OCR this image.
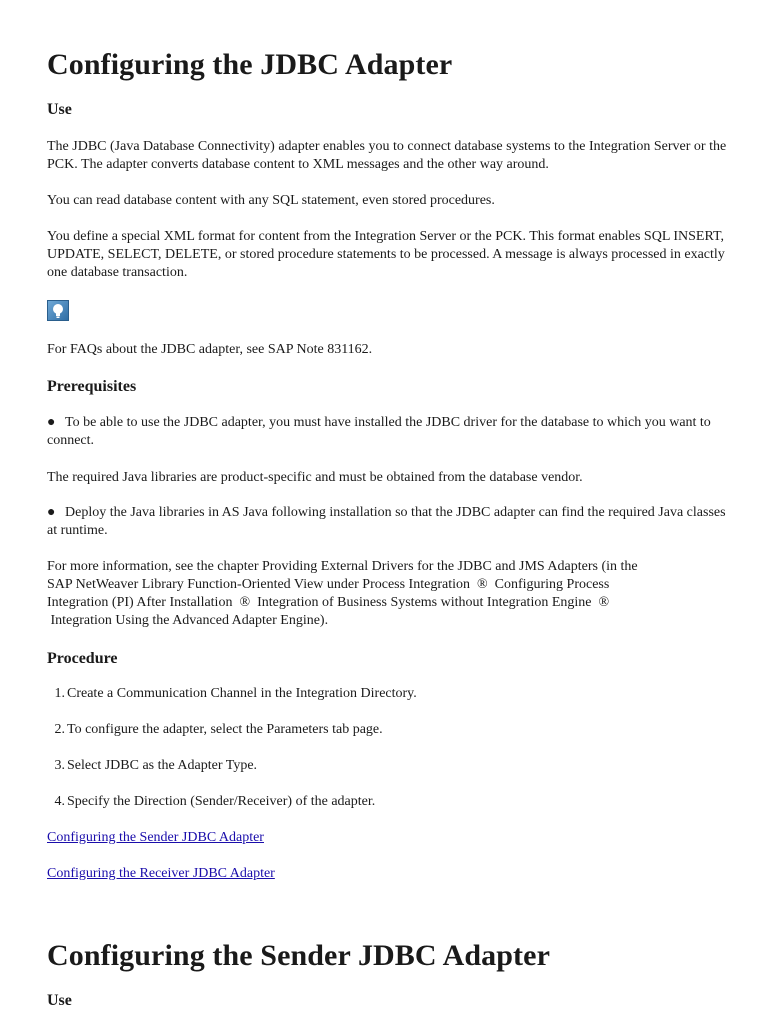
Configuring the JDBC Adapter
Use

The JDBC (Java Database Connectivity) adapter enables you to connect database systems to the Integration Server or the PCK. The adapter converts database content to XML messages and the other way around.

You can read database content with any SQL statement, even stored procedures.

You define a special XML format for content from the Integration Server or the PCK. This format enables SQL INSERT, UPDATE, SELECT, DELETE, or stored procedure statements to be processed. A message is always processed in exactly one database transaction.

For FAQs about the JDBC adapter, see SAP Note 831162.

Prerequisites

● To be able to use the JDBC adapter, you must have installed the JDBC driver for the database to which you want to connect.

The required Java libraries are product-specific and must be obtained from the database vendor.

● Deploy the Java libraries in AS Java following installation so that the JDBC adapter can find the required Java classes at runtime.

For more information, see the chapter Providing External Drivers for the JDBC and JMS Adapters (in the

SAP NetWeaver Library Function-Oriented View under Process Integration  ®  Configuring Process

Integration (PI) After Installation  ®  Integration of Business Systems without Integration Engine  ®

Integration Using the Advanced Adapter Engine).

Procedure
1. Create a Communication Channel in the Integration Directory.
2. To configure the adapter, select the Parameters tab page.
3. Select JDBC as the Adapter Type.
4. Specify the Direction (Sender/Receiver) of the adapter.
Configuring the Sender JDBC Adapter
Configuring the Receiver JDBC Adapter
Configuring the Sender JDBC Adapter
Use
